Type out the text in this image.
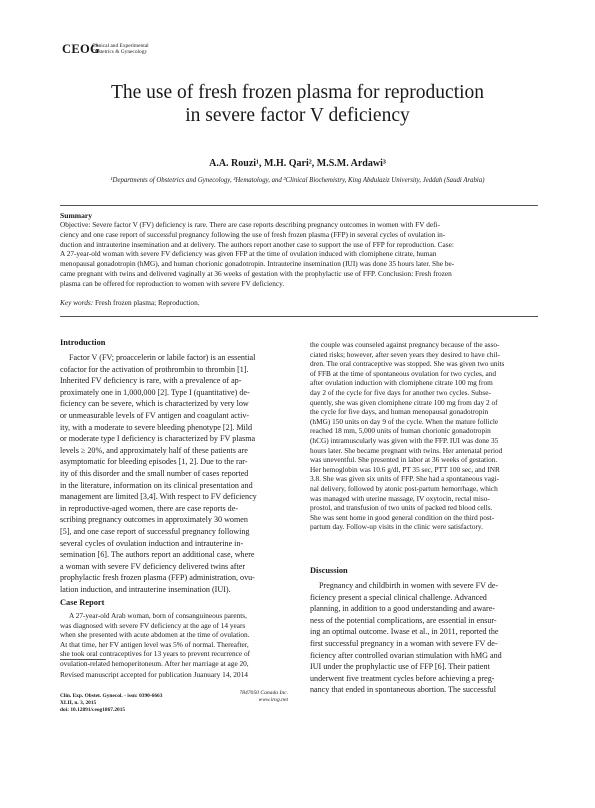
CEOG
Clinical and Experimental
Obstetrics & Gynecology
The use of fresh frozen plasma for reproduction
in severe factor V deficiency
A.A. Rouzi¹, M.H. Qari², M.S.M. Ardawi³
¹Departments of Obstetrics and Gynecology, ²Hematology, and ³Clinical Biochemistry, King Abdulaziz University, Jeddah (Saudi Arabia)
Summary
Objective: Severe factor V (FV) deficiency is rare. There are case reports describing pregnancy outcomes in women with FV defi-
ciency and one case report of successful pregnancy following the use of fresh frozen plasma (FFP) in several cycles of ovulation in-
duction and intrauterine insemination and at delivery. The authors report another case to support the use of FFP for reproduction. Case:
A 27-year-old woman with severe FV deficiency was given FFP at the time of ovulation induced with clomiphene citrate, human
menopausal gonadotropin (hMG), and human chorionic gonadotropin. Intrauterine insemination (IUI) was done 35 hours later. She be-
came pregnant with twins and delivered vaginally at 36 weeks of gestation with the prophylactic use of FFP. Conclusion: Fresh frozen
plasma can be offered for reproduction to women with severe FV deficiency.
Key words: Fresh frozen plasma; Reproduction.
Introduction
Factor V (FV; proaccelerin or labile factor) is an essential
cofactor for the activation of prothrombin to thrombin [1].
Inherited FV deficiency is rare, with a prevalence of ap-
proximately one in 1,000,000 [2]. Type I (quantitative) de-
ficiency can be severe, which is characterized by very low
or unmeasurable levels of FV antigen and coagulant activ-
ity, with a moderate to severe bleeding phenotype [2]. Mild
or moderate type I deficiency is characterized by FV plasma
levels ≥ 20%, and approximately half of these patients are
asymptomatic for bleeding episodes [1, 2]. Due to the rar-
ity of this disorder and the small number of cases reported
in the literature, information on its clinical presentation and
management are limited [3,4]. With respect to FV deficiency
in reproductive-aged women, there are case reports de-
scribing pregnancy outcomes in approximately 30 women
[5], and one case report of successful pregnancy following
several cycles of ovulation induction and intrauterine in-
semination [6]. The authors report an additional case, where
a woman with severe FV deficiency delivered twins after
prophylactic fresh frozen plasma (FFP) administration, ovu-
lation induction, and intrauterine insemination (IUI).
Case Report
A 27-year-old Arab woman, born of consanguineous parents,
was diagnosed with severe FV deficiency at the age of 14 years
when she presented with acute abdomen at the time of ovulation.
At that time, her FV antigen level was 5% of normal. Thereafter,
she took oral contraceptives for 13 years to prevent recurrence of
ovulation-related hemoperitoneum. After her marriage at age 20,
the couple was counseled against pregnancy because of the asso-
ciated risks; however, after seven years they desired to have chil-
dren. The oral contraceptive was stopped. She was given two units
of FFB at the time of spontaneous ovulation for two cycles, and
after ovulation induction with clomiphene citrate 100 mg from
day 2 of the cycle for five days for another two cycles. Subse-
quently, she was given clomiphene citrate 100 mg from day 2 of
the cycle for five days, and human menopausal gonadotropin
(hMG) 150 units on day 9 of the cycle. When the mature follicle
reached 18 mm, 5,000 units of human chorionic gonadotropin
(hCG) intramuscularly was given with the FFP. IUI was done 35
hours later. She became pregnant with twins. Her antenatal period
was uneventful. She presented in labor at 36 weeks of gestation.
Her hemoglobin was 10.6 g/dl, PT 35 sec, PTT 100 sec, and INR
3.8. She was given six units of FFP. She had a spontaneous vagi-
nal delivery, followed by atonic post-partum hemorrhage, which
was managed with uterine massage, IV oxytocin, rectal miso-
prostol, and transfusion of two units of packed red blood cells.
She was sent home in good general condition on the third post-
partum day. Follow-up visits in the clinic were satisfactory.
Discussion
Pregnancy and childbirth in women with severe FV de-
ficiency present a special clinical challenge. Advanced
planning, in addition to a good understanding and aware-
ness of the potential complications, are essential in ensur-
ing an optimal outcome. Iwase et al., in 2011, reported the
first successful pregnancy in a woman with severe FV de-
ficiency after controlled ovarian stimulation with hMG and
IUI under the prophylactic use of FFP [6]. Their patient
underwent five treatment cycles before achieving a preg-
nancy that ended in spontaneous abortion. The successful
Revised manuscript accepted for publication Juanuary 14, 2014
Clin. Exp. Obstet. Gynecol. - issn: 0390-6663
XLII, n. 3, 2015
doi: 10.12891/ceog1867.2015
7847050 Canada Inc.
www.irog.net
